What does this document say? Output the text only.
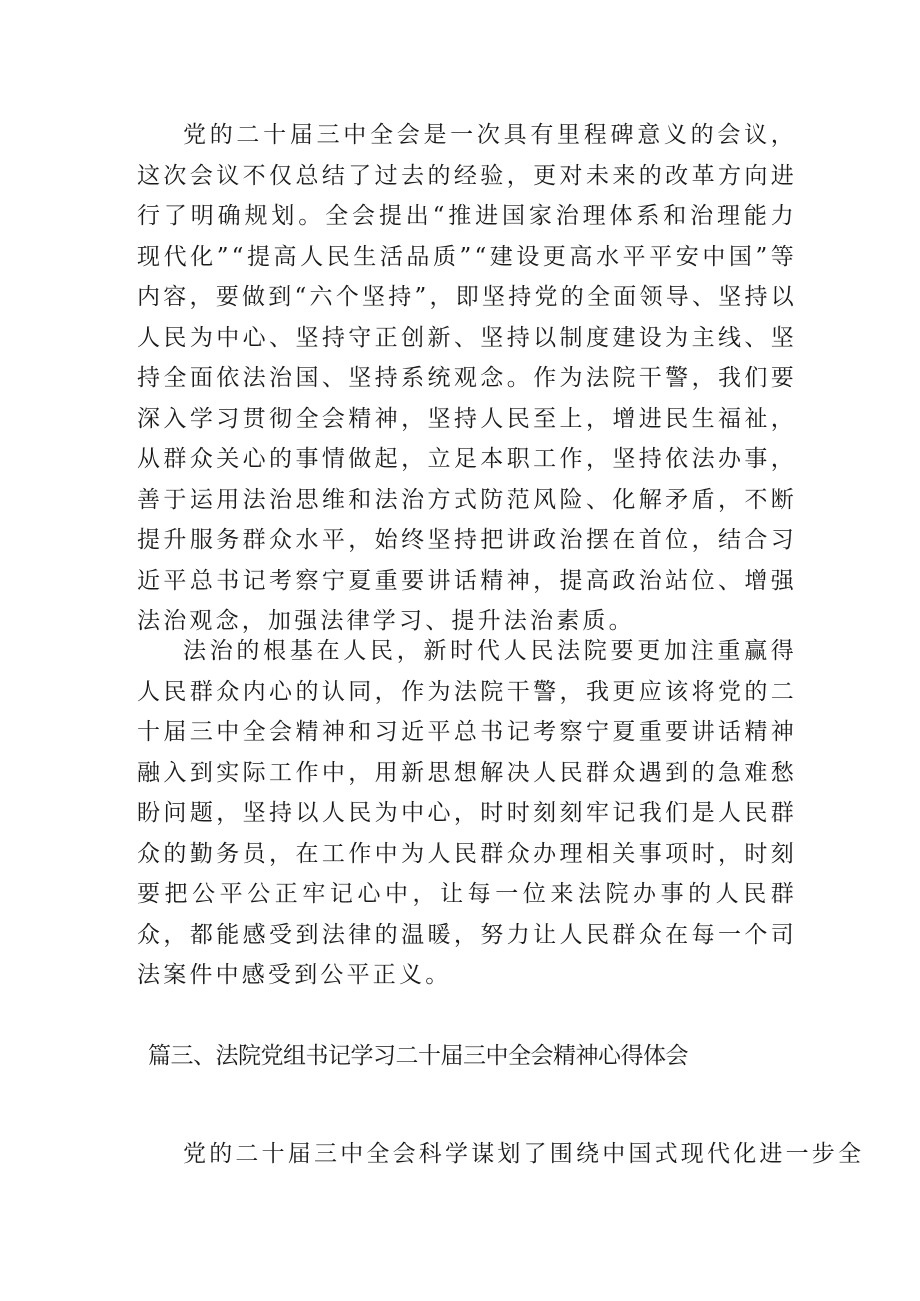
党的二十届三中全会是一次具有里程碑意义的会议，这次会议不仅总结了过去的经验，更对未来的改革方向进行了明确规划。全会提出“推进国家治理体系和治理能力现代化”“提高人民生活品质”“建设更高水平平安中国”等内容，要做到“六个坚持”，即坚持党的全面领导、坚持以人民为中心、坚持守正创新、坚持以制度建设为主线、坚持全面依法治国、坚持系统观念。作为法院干警，我们要深入学习贯彻全会精神，坚持人民至上，增进民生福祉，从群众关心的事情做起，立足本职工作，坚持依法办事，善于运用法治思维和法治方式防范风险、化解矛盾，不断提升服务群众水平，始终坚持把讲政治摆在首位，结合习近平总书记考察宁夏重要讲话精神，提高政治站位、增强法治观念，加强法律学习、提升法治素质。

法治的根基在人民，新时代人民法院要更加注重赢得人民群众内心的认同，作为法院干警，我更应该将党的二十届三中全会精神和习近平总书记考察宁夏重要讲话精神融入到实际工作中，用新思想解决人民群众遇到的急难愁盼问题，坚持以人民为中心，时时刻刻牢记我们是人民群众的勤务员，在工作中为人民群众办理相关事项时，时刻要把公平公正牢记心中，让每一位来法院办事的人民群众，都能感受到法律的温暖，努力让人民群众在每一个司法案件中感受到公平正义。

篇三、法院党组书记学习二十届三中全会精神心得体会

党的二十届三中全会科学谋划了围绕中国式现代化进一步全
